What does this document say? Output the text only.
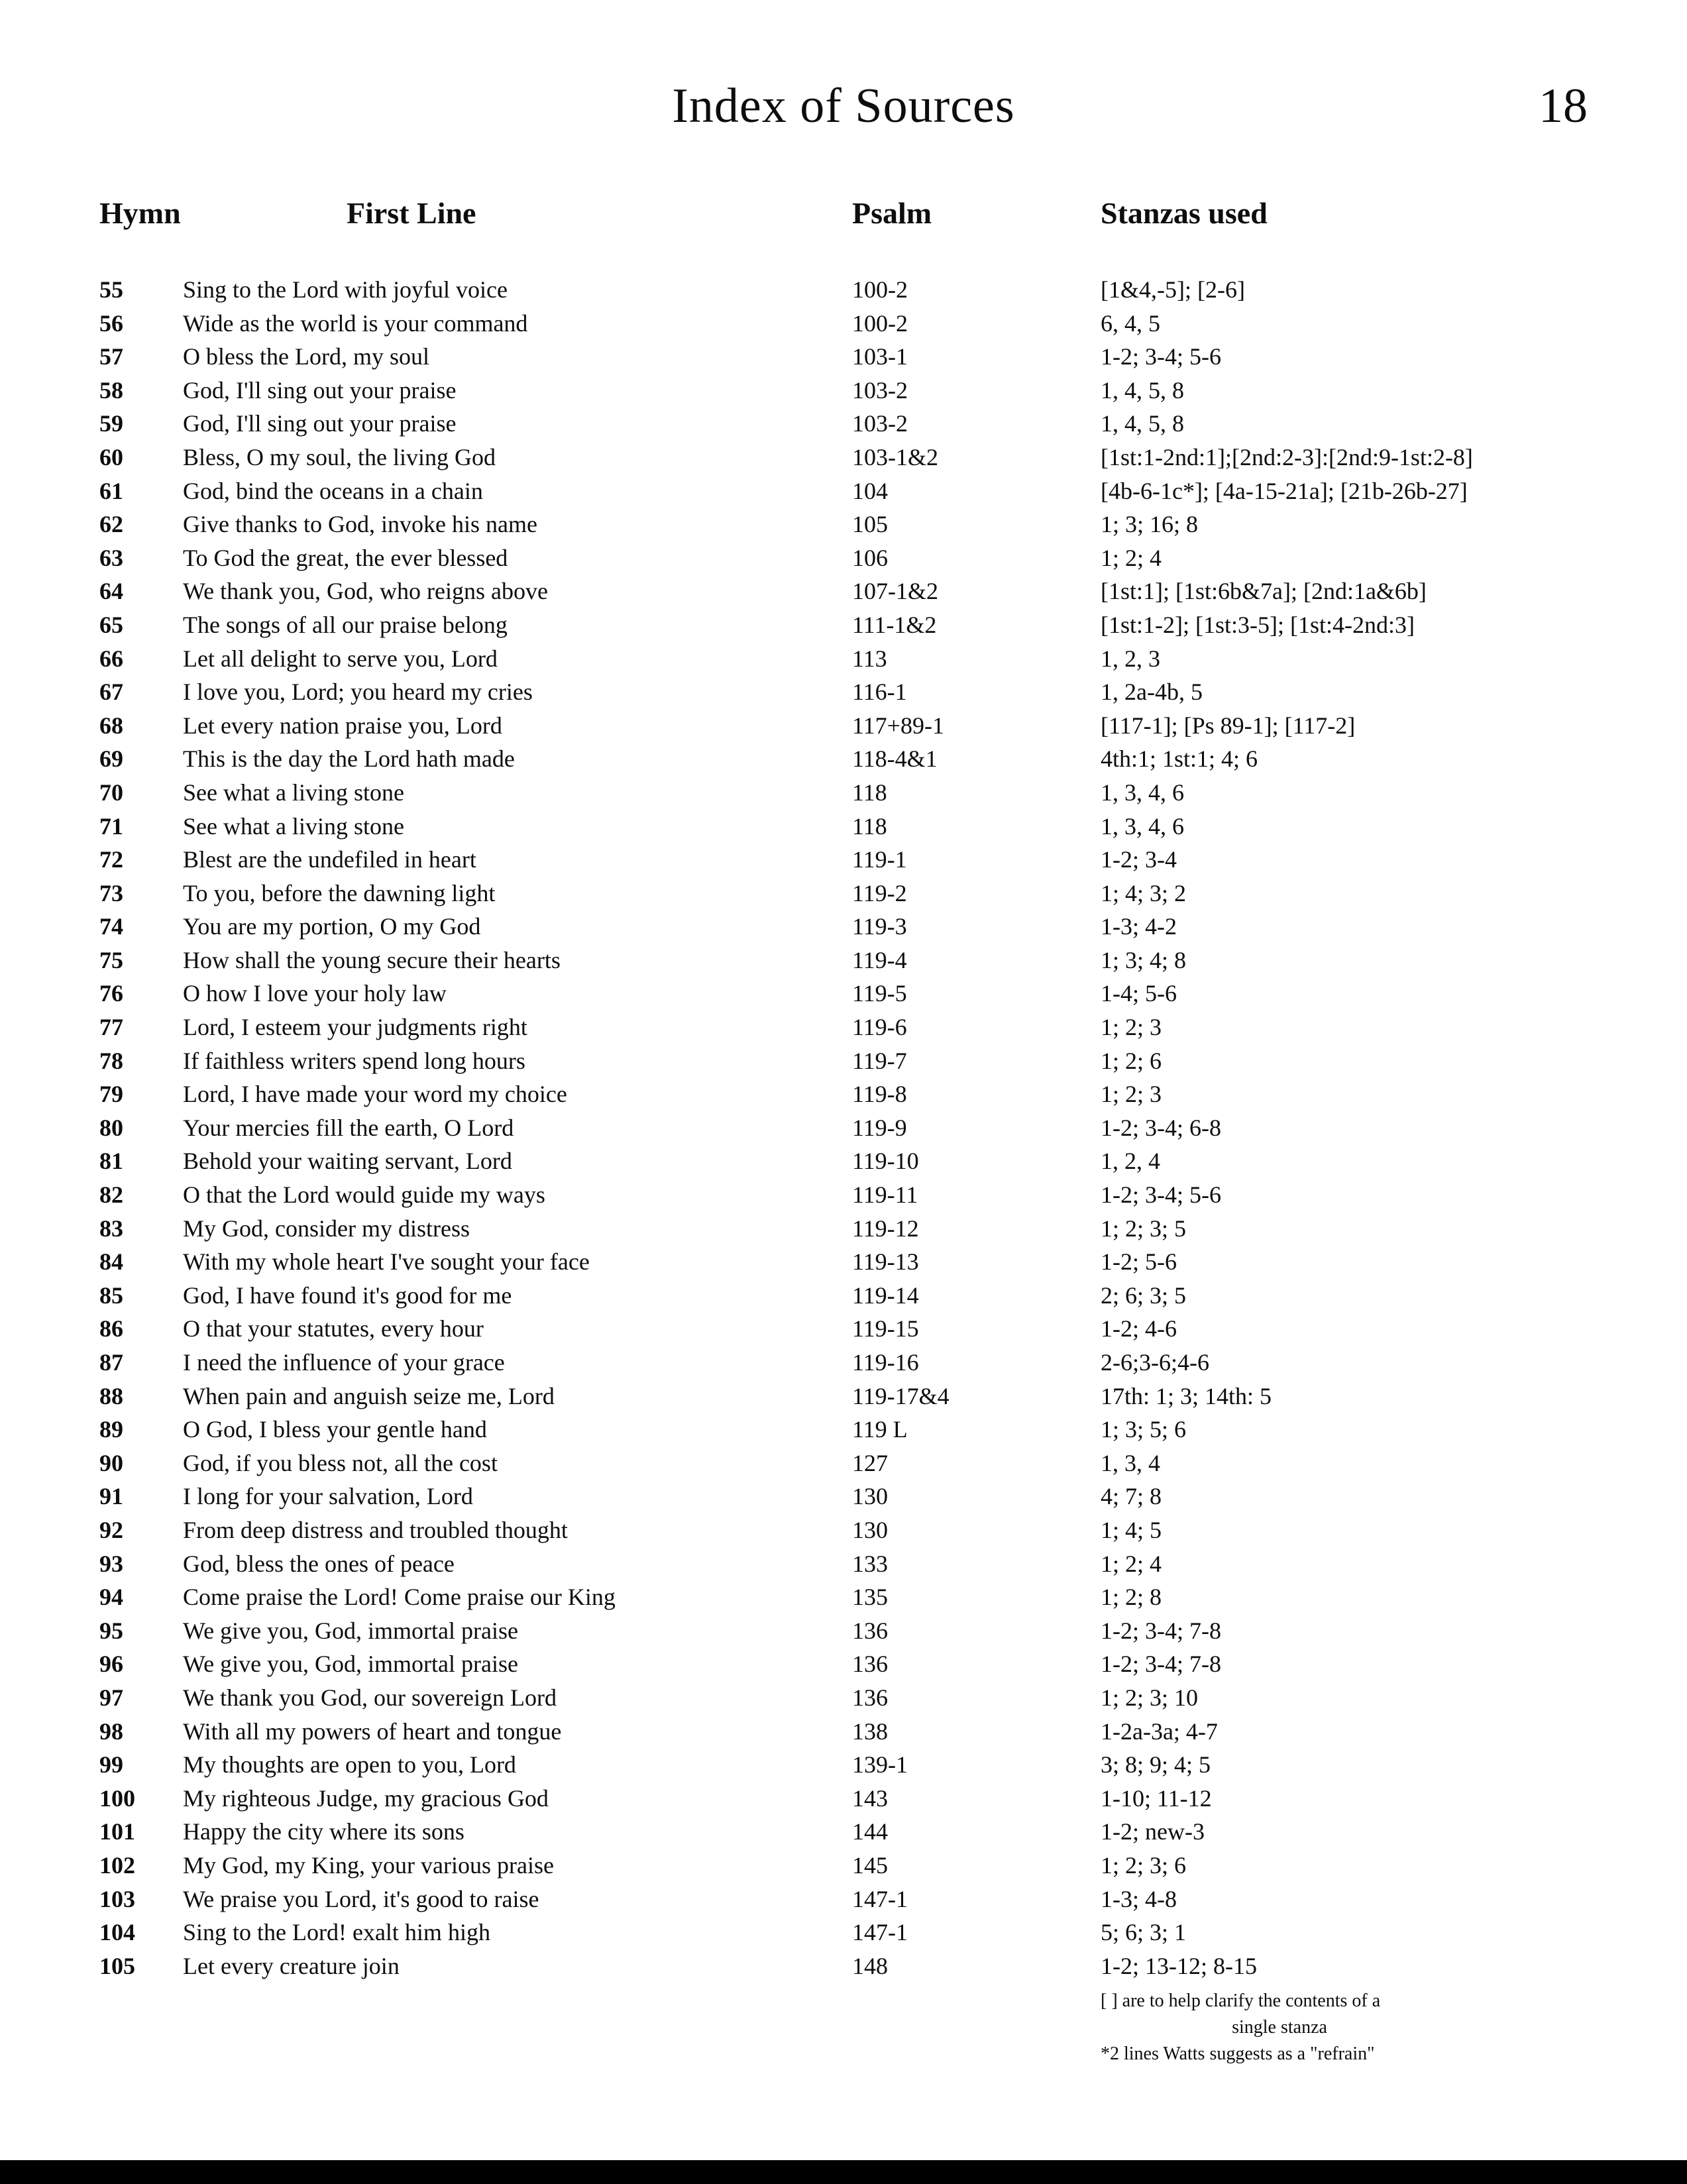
Index of Sources	18
Hymn	First Line	Psalm	Stanzas used
55	Sing to the Lord with joyful voice	100-2	[1&4,-5]; [2-6]
56	Wide as the world is your command	100-2	6, 4, 5
57	O bless the Lord, my soul	103-1	1-2; 3-4; 5-6
58	God, I'll sing out your praise	103-2	1, 4, 5, 8
59	God, I'll sing out your praise	103-2	1, 4, 5, 8
60	Bless, O my soul, the living God	103-1&2	[1st:1-2nd:1];[2nd:2-3]:[2nd:9-1st:2-8]
61	God, bind the oceans in a chain	104	[4b-6-1c*]; [4a-15-21a]; [21b-26b-27]
62	Give thanks to God, invoke his name	105	1; 3; 16; 8
63	To God the great, the ever blessed	106	1; 2; 4
64	We thank you, God, who reigns above	107-1&2	[1st:1]; [1st:6b&7a]; [2nd:1a&6b]
65	The songs of all our praise belong	111-1&2	[1st:1-2]; [1st:3-5]; [1st:4-2nd:3]
66	Let all delight to serve you, Lord	113	1, 2, 3
67	I love you, Lord; you heard my cries	116-1	1, 2a-4b, 5
68	Let every nation praise you, Lord	117+89-1	[117-1]; [Ps 89-1]; [117-2]
69	This is the day the Lord hath made	118-4&1	4th:1; 1st:1; 4; 6
70	See what a living stone	118	1, 3, 4, 6
71	See what a living stone	118	1, 3, 4, 6
72	Blest are the undefiled in heart	119-1	1-2; 3-4
73	To you, before the dawning light	119-2	1; 4; 3; 2
74	You are my portion, O my God	119-3	1-3; 4-2
75	How shall the young secure their hearts	119-4	1; 3; 4; 8
76	O how I love your holy law	119-5	1-4; 5-6
77	Lord, I esteem your judgments right	119-6	1; 2; 3
78	If faithless writers spend long hours	119-7	1; 2; 6
79	Lord, I have made your word my choice	119-8	1; 2; 3
80	Your mercies fill the earth, O Lord	119-9	1-2; 3-4; 6-8
81	Behold your waiting servant, Lord	119-10	1, 2, 4
82	O that the Lord would guide my ways	119-11	1-2; 3-4; 5-6
83	My God, consider my distress	119-12	1; 2; 3; 5
84	With my whole heart I've sought your face	119-13	1-2; 5-6
85	God, I have found it's good for me	119-14	2; 6; 3; 5
86	O that your statutes, every hour	119-15	1-2; 4-6
87	I need the influence of your grace	119-16	2-6;3-6;4-6
88	When pain and anguish seize me, Lord	119-17&4	17th: 1; 3; 14th: 5
89	O God, I bless your gentle hand	119 L	1; 3; 5; 6
90	God, if you bless not, all the cost	127	1, 3, 4
91	I long for your salvation, Lord	130	4; 7; 8
92	From deep distress and troubled thought	130	1; 4; 5
93	God, bless the ones of peace	133	1; 2; 4
94	Come praise the Lord! Come praise our King	135	1; 2; 8
95	We give you, God, immortal praise	136	1-2; 3-4; 7-8
96	We give you, God, immortal praise	136	1-2; 3-4; 7-8
97	We thank you God, our sovereign Lord	136	1; 2; 3; 10
98	With all my powers of heart and tongue	138	1-2a-3a; 4-7
99	My thoughts are open to you, Lord	139-1	3; 8; 9; 4; 5
100	My righteous Judge, my gracious God	143	1-10; 11-12
101	Happy the city where its sons	144	1-2; new-3
102	My God, my King, your various praise	145	1; 2; 3; 6
103	We praise you Lord, it's good to raise	147-1	1-3; 4-8
104	Sing to the Lord! exalt him high	147-1	5; 6; 3; 1
105	Let every creature join	148	1-2; 13-12; 8-15
[ ] are to help clarify the contents of a
single stanza
*2 lines Watts suggests as a "refrain"
